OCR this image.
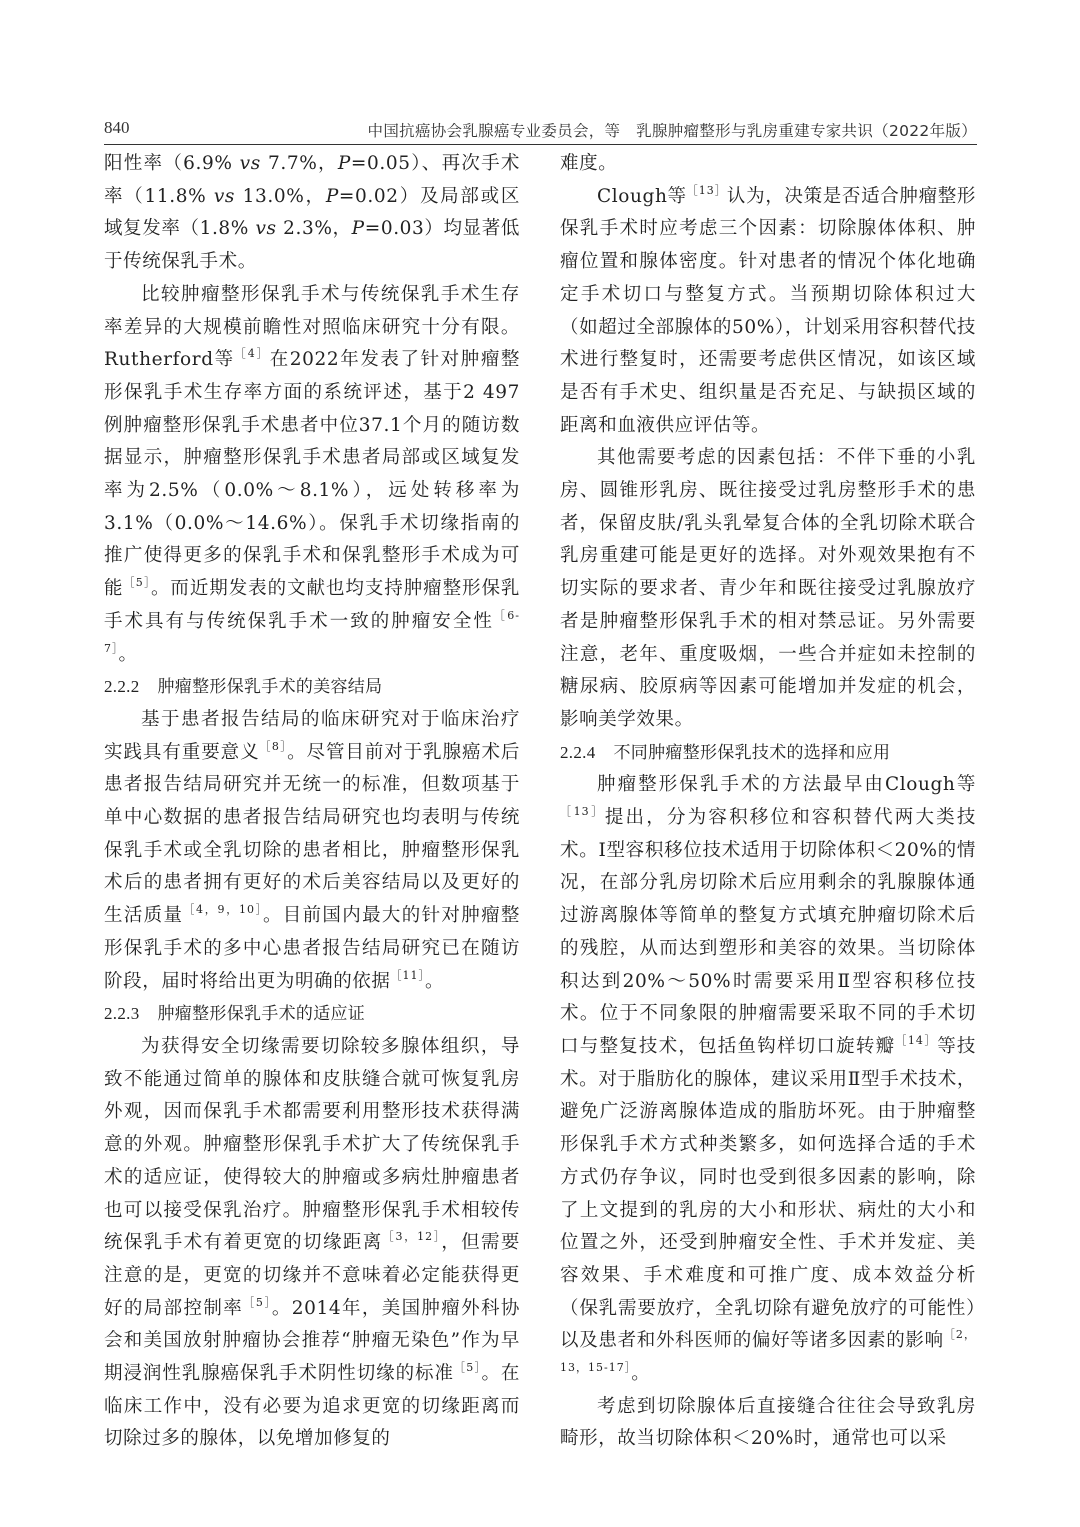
840	中国抗癌协会乳腺癌专业委员会，等　乳腺肿瘤整形与乳房重建专家共识（2022年版）

阳性率（6.9% vs 7.7%，P=0.05）、再次手术率（11.8% vs 13.0%，P=0.02）及局部或区域复发率（1.8% vs 2.3%，P=0.03）均显著低于传统保乳手术。

比较肿瘤整形保乳手术与传统保乳手术生存率差异的大规模前瞻性对照临床研究十分有限。Rutherford等$^{[4]}$在2022年发表了针对肿瘤整形保乳手术生存率方面的系统评述，基于2 497例肿瘤整形保乳手术患者中位37.1个月的随访数据显示，肿瘤整形保乳手术患者局部或区域复发率为2.5%（0.0%～8.1%），远处转移率为3.1%（0.0%～14.6%）。保乳手术切缘指南的推广使得更多的保乳手术和保乳整形手术成为可能$^{[5]}$。而近期发表的文献也均支持肿瘤整形保乳手术具有与传统保乳手术一致的肿瘤安全性$^{[6-7]}$。

2.2.2 肿瘤整形保乳手术的美容结局

基于患者报告结局的临床研究对于临床治疗实践具有重要意义$^{[8]}$。尽管目前对于乳腺癌术后患者报告结局研究并无统一的标准，但数项基于单中心数据的患者报告结局研究也均表明与传统保乳手术或全乳切除的患者相比，肿瘤整形保乳术后的患者拥有更好的术后美容结局以及更好的生活质量$^{[4,9,10]}$。目前国内最大的针对肿瘤整形保乳手术的多中心患者报告结局研究已在随访阶段，届时将给出更为明确的依据$^{[11]}$。

2.2.3 肿瘤整形保乳手术的适应证

为获得安全切缘需要切除较多腺体组织，导致不能通过简单的腺体和皮肤缝合就可恢复乳房外观，因而保乳手术都需要利用整形技术获得满意的外观。肿瘤整形保乳手术扩大了传统保乳手术的适应证，使得较大的肿瘤或多病灶肿瘤患者也可以接受保乳治疗。肿瘤整形保乳手术相较传统保乳手术有着更宽的切缘距离$^{[3,12]}$，但需要注意的是，更宽的切缘并不意味着必定能获得更好的局部控制率$^{[5]}$。2014年，美国肿瘤外科协会和美国放射肿瘤协会推荐“肿瘤无染色”作为早期浸润性乳腺癌保乳手术阴性切缘的标准$^{[5]}$。在临床工作中，没有必要为追求更宽的切缘距离而切除过多的腺体，以免增加修复的

难度。

Clough等$^{[13]}$认为，决策是否适合肿瘤整形保乳手术时应考虑三个因素：切除腺体体积、肿瘤位置和腺体密度。针对患者的情况个体化地确定手术切口与整复方式。当预期切除体积过大（如超过全部腺体的50%），计划采用容积替代技术进行整复时，还需要考虑供区情况，如该区域是否有手术史、组织量是否充足、与缺损区域的距离和血液供应评估等。

其他需要考虑的因素包括：不伴下垂的小乳房、圆锥形乳房、既往接受过乳房整形手术的患者，保留皮肤/乳头乳晕复合体的全乳切除术联合乳房重建可能是更好的选择。对外观效果抱有不切实际的要求者、青少年和既往接受过乳腺放疗者是肿瘤整形保乳手术的相对禁忌证。另外需要注意，老年、重度吸烟，一些合并症如未控制的糖尿病、胶原病等因素可能增加并发症的机会，影响美学效果。

2.2.4 不同肿瘤整形保乳技术的选择和应用

肿瘤整形保乳手术的方法最早由Clough等$^{[13]}$提出，分为容积移位和容积替代两大类技术。I型容积移位技术适用于切除体积＜20%的情况，在部分乳房切除术后应用剩余的乳腺腺体通过游离腺体等简单的整复方式填充肿瘤切除术后的残腔，从而达到塑形和美容的效果。当切除体积达到20%～50%时需要采用Ⅱ型容积移位技术。位于不同象限的肿瘤需要采取不同的手术切口与整复技术，包括鱼钩样切口旋转瓣$^{[14]}$等技术。对于脂肪化的腺体，建议采用Ⅱ型手术技术，避免广泛游离腺体造成的脂肪坏死。由于肿瘤整形保乳手术方式种类繁多，如何选择合适的手术方式仍存争议，同时也受到很多因素的影响，除了上文提到的乳房的大小和形状、病灶的大小和位置之外，还受到肿瘤安全性、手术并发症、美容效果、手术难度和可推广度、成本效益分析（保乳需要放疗，全乳切除有避免放疗的可能性）以及患者和外科医师的偏好等诸多因素的影响$^{[2,13,15-17]}$。

考虑到切除腺体后直接缝合往往会导致乳房畸形，故当切除体积＜20%时，通常也可以采
